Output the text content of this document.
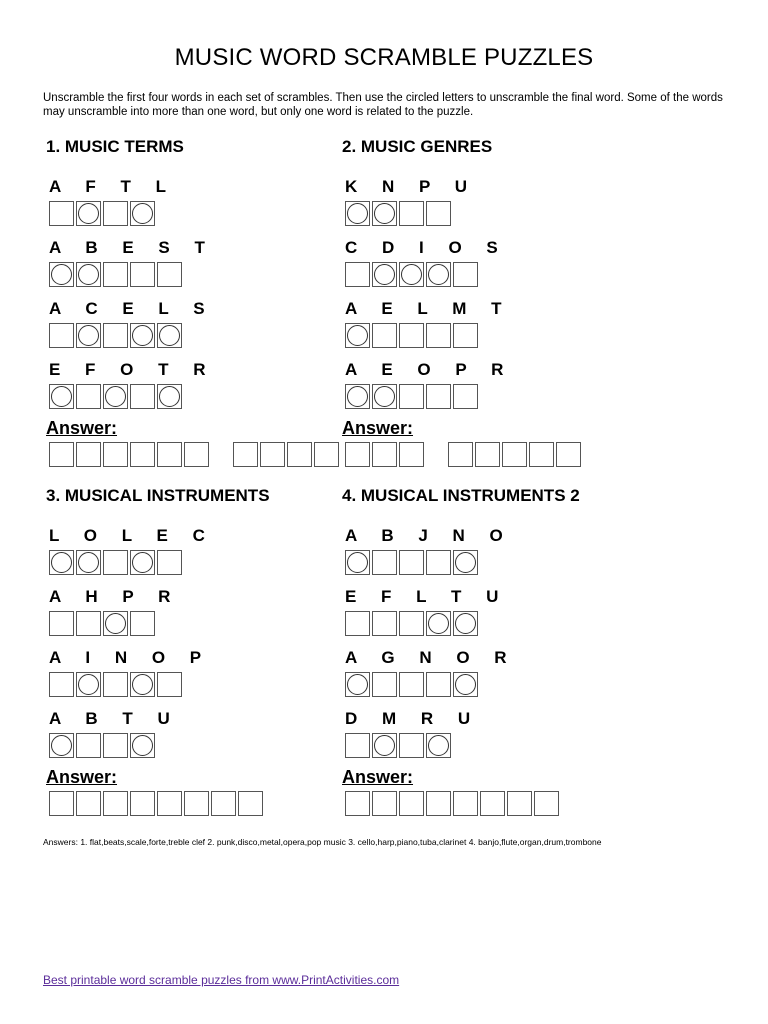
MUSIC WORD SCRAMBLE PUZZLES
Unscramble the first four words in each set of scrambles. Then use the circled letters to unscramble the final word. Some of the words may unscramble into more than one word, but only one word is related to the puzzle.
1. MUSIC TERMS
A F T L
A B E S T
A C E L S
E F O T R
Answer:
2. MUSIC GENRES
K N P U
C D I O S
A E L M T
A E O P R
Answer:
3. MUSICAL INSTRUMENTS
L O L E C
A H P R
A I N O P
A B T U
Answer:
4. MUSICAL INSTRUMENTS 2
A B J N O
E F L T U
A G N O R
D M R U
Answer:
Answers: 1. flat,beats,scale,forte,treble clef 2. punk,disco,metal,opera,pop music 3. cello,harp,piano,tuba,clarinet 4. banjo,flute,organ,drum,trombone
Best printable word scramble puzzles from www.PrintActivities.com
